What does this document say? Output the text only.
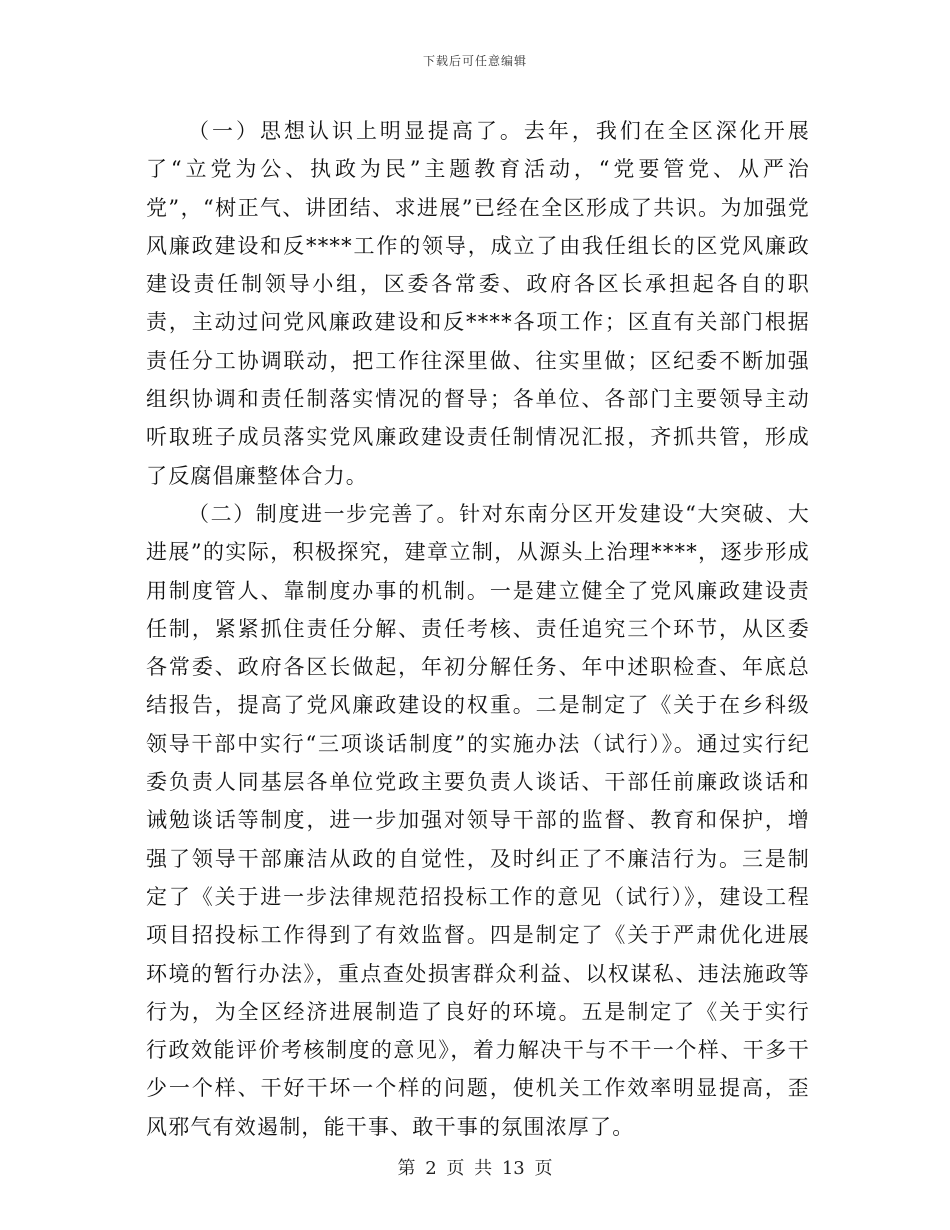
下载后可任意编辑

（一）思想认识上明显提高了。去年，我们在全区深化开展了“立党为公、执政为民”主题教育活动，“党要管党、从严治党”，“树正气、讲团结、求进展”已经在全区形成了共识。为加强党风廉政建设和反****工作的领导，成立了由我任组长的区党风廉政建设责任制领导小组，区委各常委、政府各区长承担起各自的职责，主动过问党风廉政建设和反****各项工作；区直有关部门根据责任分工协调联动，把工作往深里做、往实里做；区纪委不断加强组织协调和责任制落实情况的督导；各单位、各部门主要领导主动听取班子成员落实党风廉政建设责任制情况汇报，齐抓共管，形成了反腐倡廉整体合力。

（二）制度进一步完善了。针对东南分区开发建设“大突破、大进展”的实际，积极探究，建章立制，从源头上治理****，逐步形成用制度管人、靠制度办事的机制。一是建立健全了党风廉政建设责任制，紧紧抓住责任分解、责任考核、责任追究三个环节，从区委各常委、政府各区长做起，年初分解任务、年中述职检查、年底总结报告，提高了党风廉政建设的权重。二是制定了《关于在乡科级领导干部中实行“三项谈话制度”的实施办法（试行）》。通过实行纪委负责人同基层各单位党政主要负责人谈话、干部任前廉政谈话和诫勉谈话等制度，进一步加强对领导干部的监督、教育和保护，增强了领导干部廉洁从政的自觉性，及时纠正了不廉洁行为。三是制定了《关于进一步法律规范招投标工作的意见（试行）》，建设工程项目招投标工作得到了有效监督。四是制定了《关于严肃优化进展环境的暂行办法》，重点查处损害群众利益、以权谋私、违法施政等行为，为全区经济进展制造了良好的环境。五是制定了《关于实行行政效能评价考核制度的意见》，着力解决干与不干一个样、干多干少一个样、干好干坏一个样的问题，使机关工作效率明显提高，歪风邪气有效遏制，能干事、敢干事的氛围浓厚了。

第 2 页 共 13 页
